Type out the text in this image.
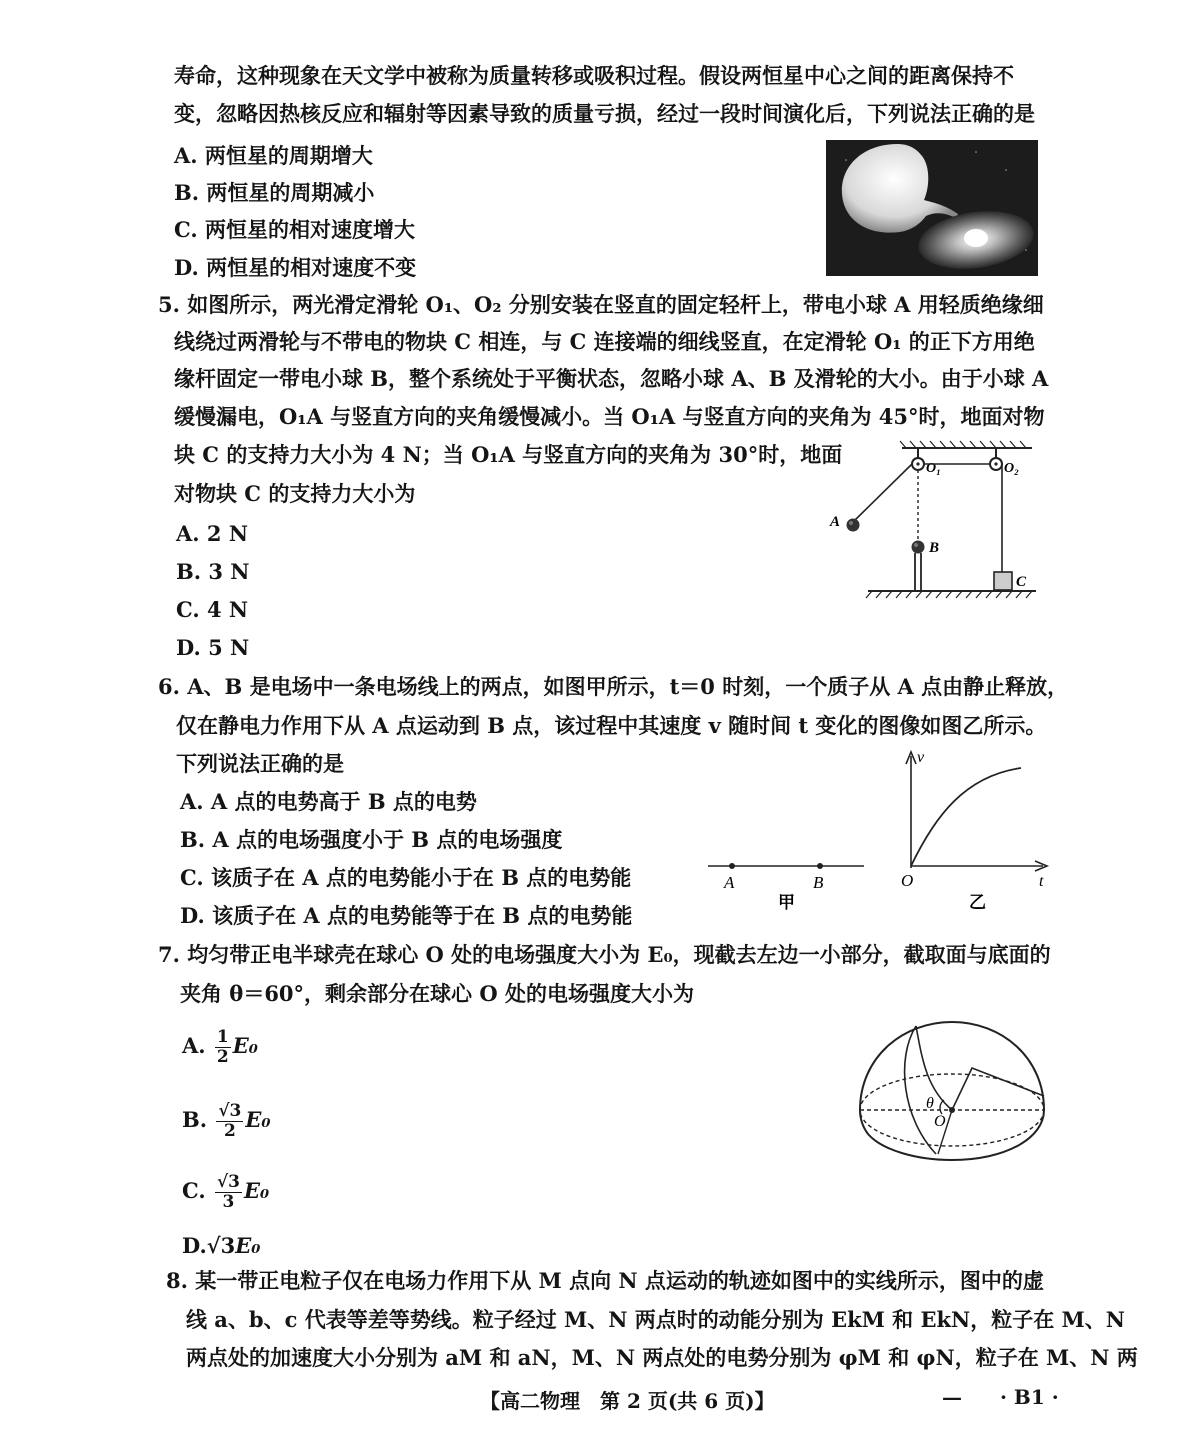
寿命，这种现象在天文学中被称为质量转移或吸积过程。假设两恒星中心之间的距离保持不
变，忽略因热核反应和辐射等因素导致的质量亏损，经过一段时间演化后，下列说法正确的是
A. 两恒星的周期增大
B. 两恒星的周期减小
C. 两恒星的相对速度增大
D. 两恒星的相对速度不变
5. 如图所示，两光滑定滑轮 O₁、O₂ 分别安装在竖直的固定轻杆上，带电小球 A 用轻质绝缘细
线绕过两滑轮与不带电的物块 C 相连，与 C 连接端的细线竖直，在定滑轮 O₁ 的正下方用绝
缘杆固定一带电小球 B，整个系统处于平衡状态，忽略小球 A、B 及滑轮的大小。由于小球 A
缓慢漏电，O₁A 与竖直方向的夹角缓慢减小。当 O₁A 与竖直方向的夹角为 45°时，地面对物
块 C 的支持力大小为 4 N；当 O₁A 与竖直方向的夹角为 30°时，地面
对物块 C 的支持力大小为
A. 2 N
B. 3 N
C. 4 N
D. 5 N
O₁	O₂
A
B
C
6. A、B 是电场中一条电场线上的两点，如图甲所示，t＝0 时刻，一个质子从 A 点由静止释放，
仅在静电力作用下从 A 点运动到 B 点，该过程中其速度 v 随时间 t 变化的图像如图乙所示。
下列说法正确的是
A. A 点的电势高于 B 点的电势
B. A 点的电场强度小于 B 点的电场强度
C. 该质子在 A 点的电势能小于在 B 点的电势能
D. 该质子在 A 点的电势能等于在 B 点的电势能
A	B
甲
v
t
O
乙
7. 均匀带正电半球壳在球心 O 处的电场强度大小为 E₀，现截去左边一小部分，截取面与底面的
夹角 θ＝60°，剩余部分在球心 O 处的电场强度大小为
A. $\frac{1}{2} E_0$
B. $\frac{√3}{2} E_0$
C. $\frac{√3}{3} E_0$
D.√3E₀
θ
O
8. 某一带正电粒子仅在电场力作用下从 M 点向 N 点运动的轨迹如图中的实线所示，图中的虚
线 a、b、c 代表等差等势线。粒子经过 M、N 两点时的动能分别为 EkM 和 EkN，粒子在 M、N
两点处的加速度大小分别为 aM 和 aN，M、N 两点处的电势分别为 φM 和 φN，粒子在 M、N 两
【高二物理　第 2 页(共 6 页)】	— · B1 ·
